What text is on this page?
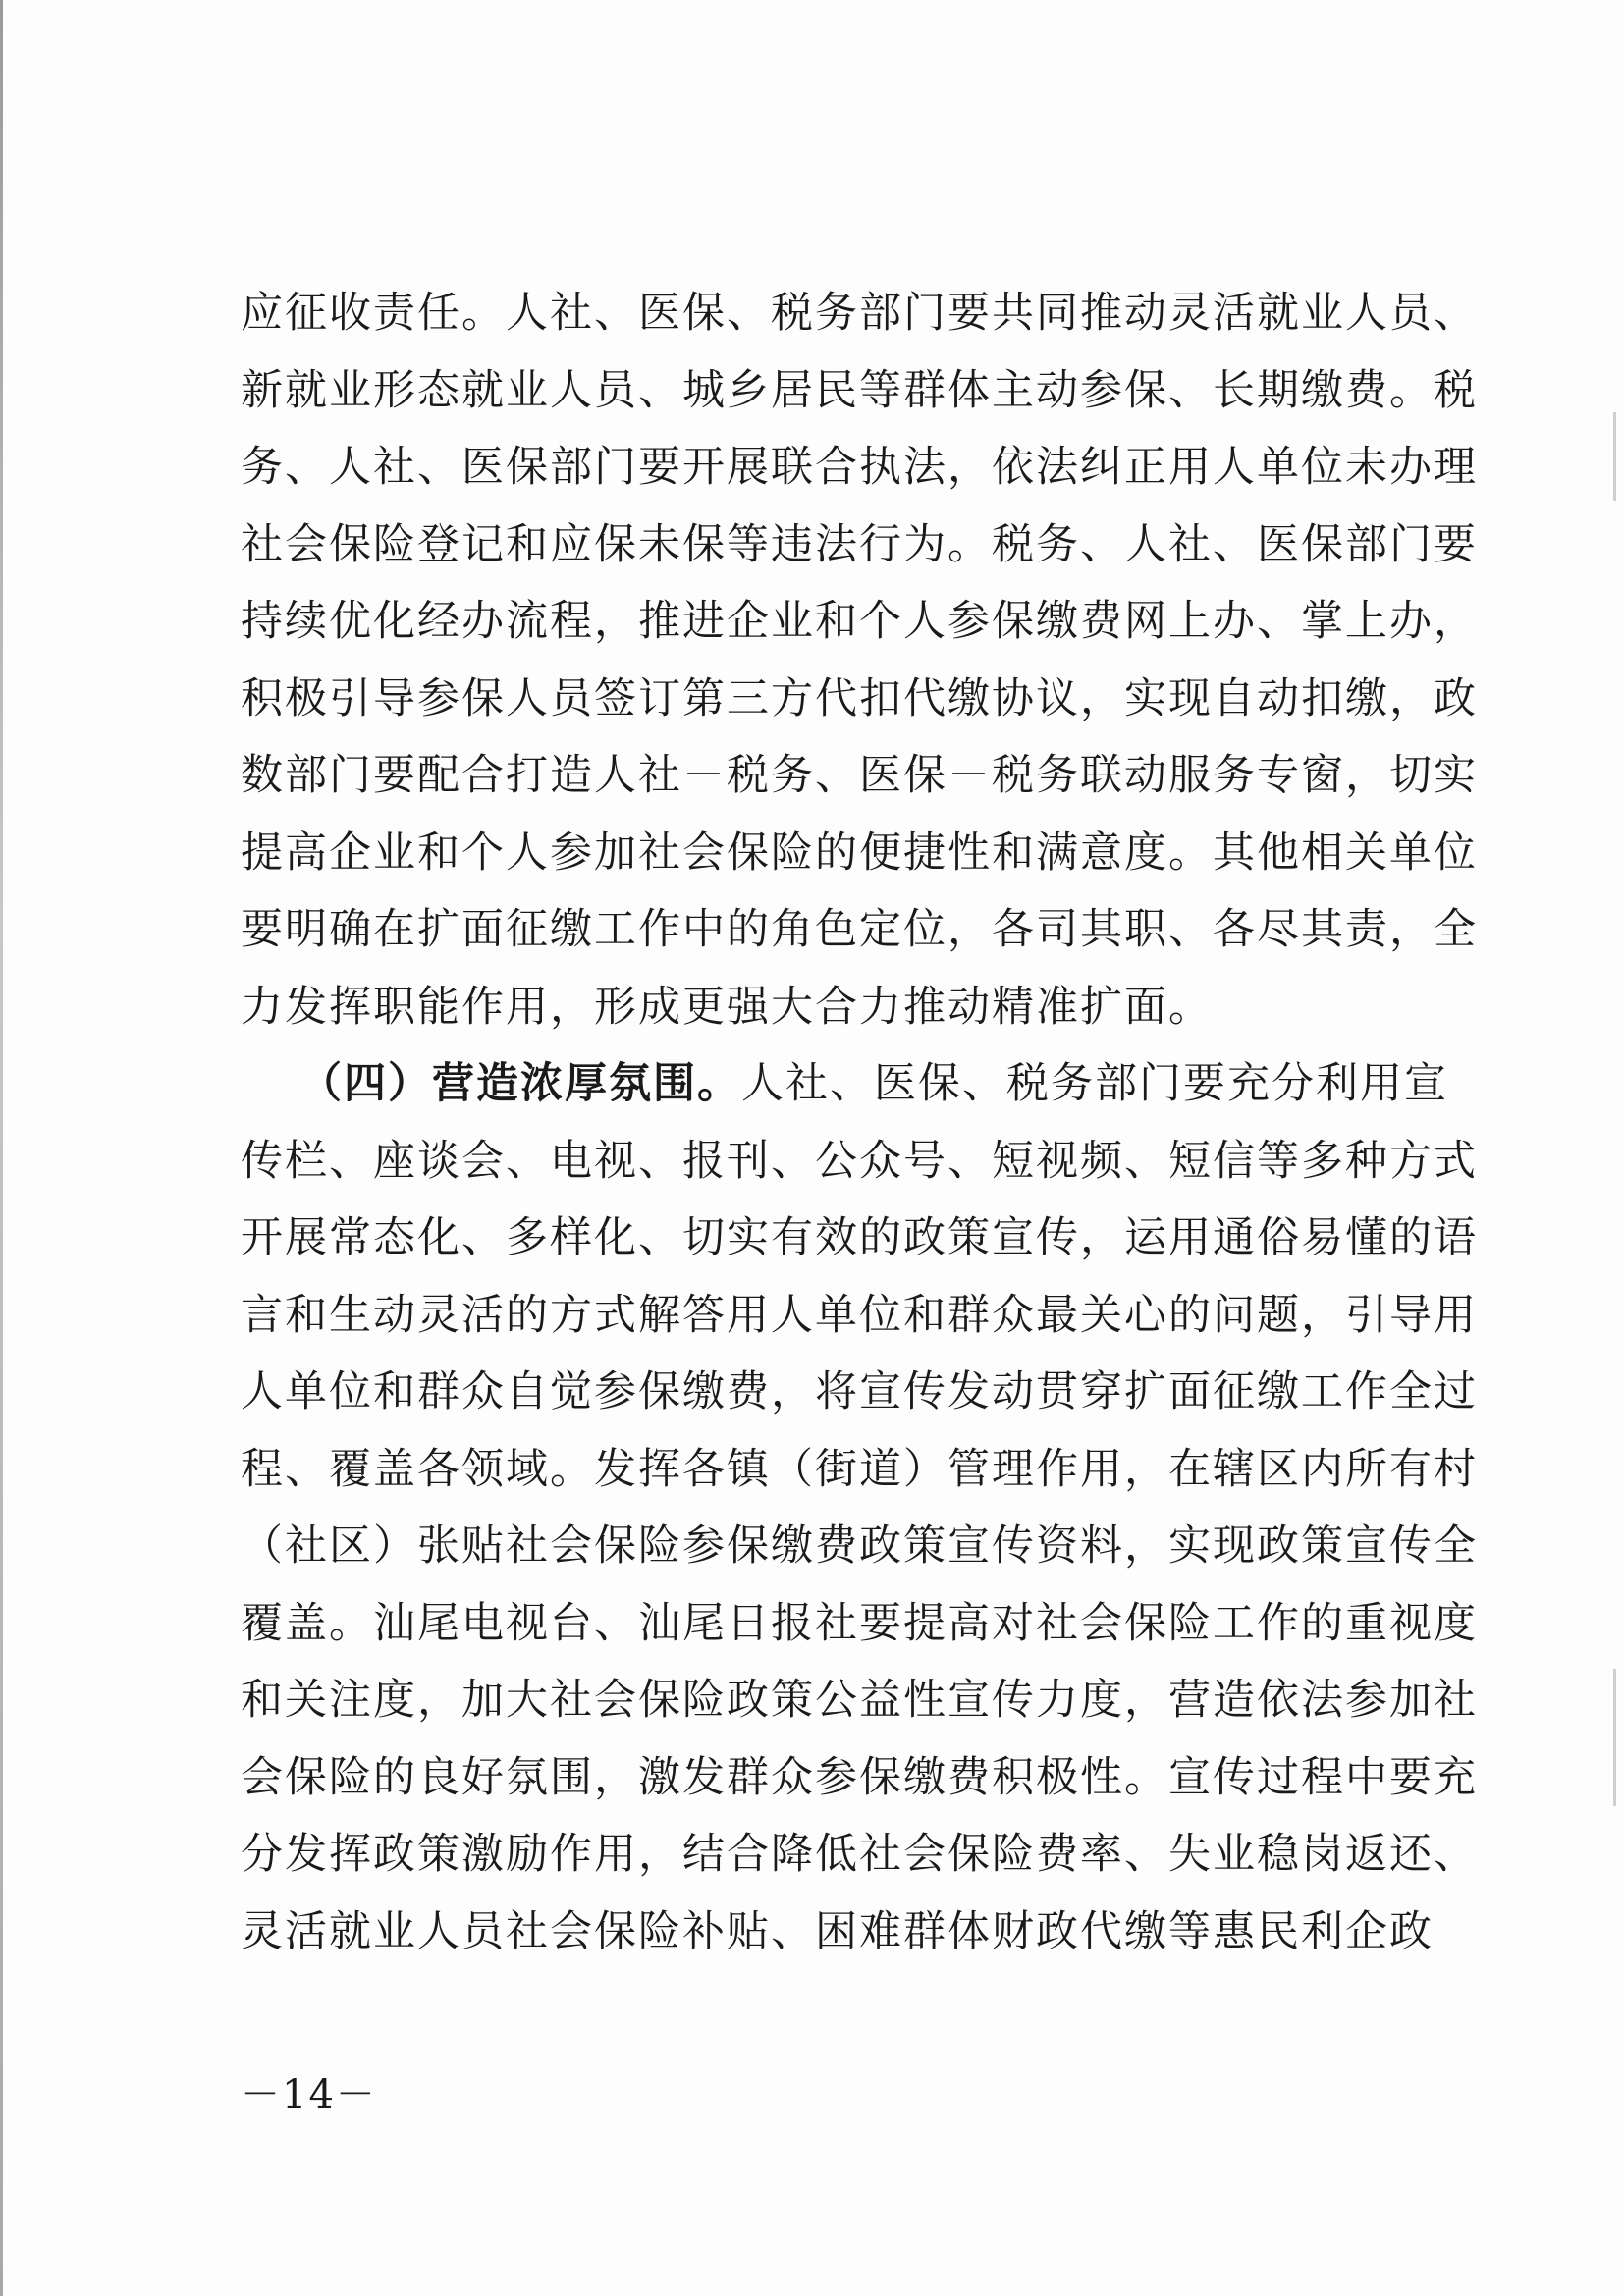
应 征 收 责 任 。 人 社 、 医 保 、 税 务 部 门 要 共 同 推 动 灵 活 就 业 人 员 、
新 就 业 形 态 就 业 人 员 、 城 乡 居 民 等 群 体 主 动 参 保 、 长 期 缴 费 。 税
务 、 人 社 、 医 保 部 门 要 开 展 联 合 执 法 ， 依 法 纠 正 用 人 单 位 未 办 理
社 会 保 险 登 记 和 应 保 未 保 等 违 法 行 为 。 税 务 、 人 社 、 医 保 部 门 要
持 续 优 化 经 办 流 程 ， 推 进 企 业 和 个 人 参 保 缴 费 网 上 办 、 掌 上 办 ，
积 极 引 导 参 保 人 员 签 订 第 三 方 代 扣 代 缴 协 议 ， 实 现 自 动 扣 缴 ， 政
数 部 门 要 配 合 打 造 人 社 － 税 务 、 医 保 － 税 务 联 动 服 务 专 窗 ， 切 实
提 高 企 业 和 个 人 参 加 社 会 保 险 的 便 捷 性 和 满 意 度 。 其 他 相 关 单 位
要 明 确 在 扩 面 征 缴 工 作 中 的 角 色 定 位 ， 各 司 其 职 、 各 尽 其 责 ， 全
力发挥职能作用，形成更强大合力推动精准扩面。
（四）营造浓厚氛围。人社、医保、税务部门要充分利用宣
传 栏 、 座 谈 会 、 电 视 、 报 刊 、 公 众 号 、 短 视 频 、 短 信 等 多 种 方 式
开 展 常 态 化 、 多 样 化 、 切 实 有 效 的 政 策 宣 传 ， 运 用 通 俗 易 懂 的 语
言 和 生 动 灵 活 的 方 式 解 答 用 人 单 位 和 群 众 最 关 心 的 问 题 ， 引 导 用
人 单 位 和 群 众 自 觉 参 保 缴 费 ， 将 宣 传 发 动 贯 穿 扩 面 征 缴 工 作 全 过
程 、 覆 盖 各 领 域 。 发 挥 各 镇 （ 街 道 ） 管 理 作 用 ， 在 辖 区 内 所 有 村
（ 社 区 ） 张 贴 社 会 保 险 参 保 缴 费 政 策 宣 传 资 料 ， 实 现 政 策 宣 传 全
覆 盖 。 汕 尾 电 视 台 、 汕 尾 日 报 社 要 提 高 对 社 会 保 险 工 作 的 重 视 度
和 关 注 度 ， 加 大 社 会 保 险 政 策 公 益 性 宣 传 力 度 ， 营 造 依 法 参 加 社
会 保 险 的 良 好 氛 围 ， 激 发 群 众 参 保 缴 费 积 极 性 。 宣 传 过 程 中 要 充
分 发 挥 政 策 激 励 作 用 ， 结 合 降 低 社 会 保 险 费 率 、 失 业 稳 岗 返 还 、
灵 活 就 业 人 员 社 会 保 险 补 贴 、 困 难 群 体 财 政 代 缴 等 惠 民 利 企 政
－14－
